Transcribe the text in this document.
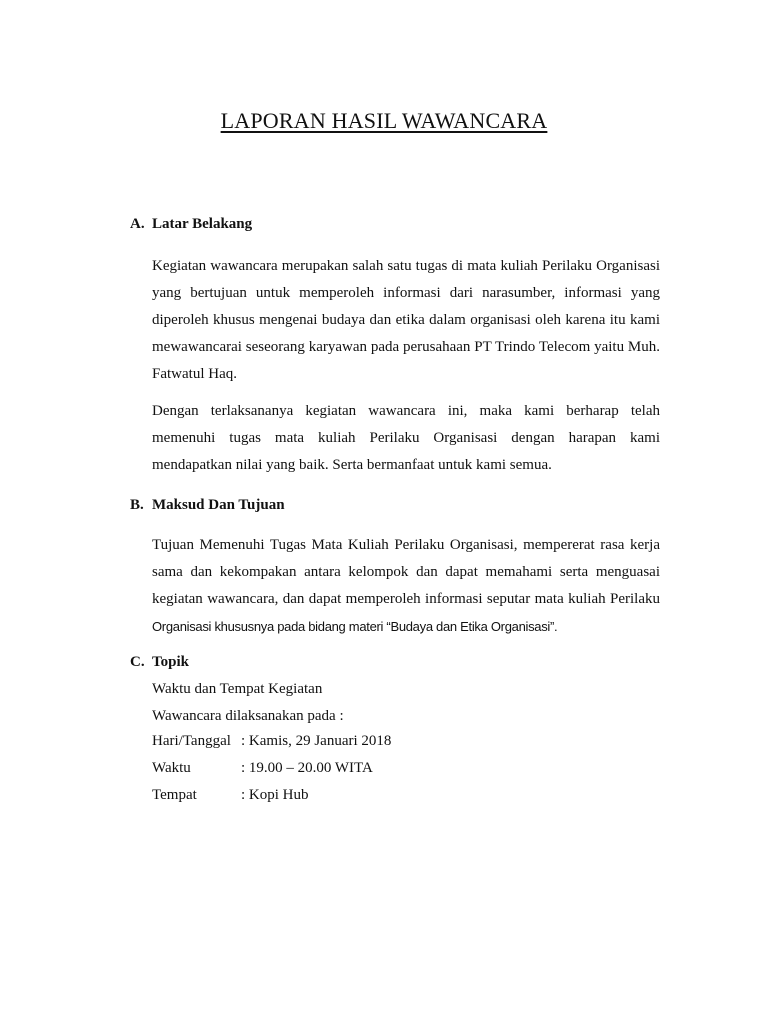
LAPORAN HASIL WAWANCARA
A. Latar Belakang

Kegiatan wawancara merupakan salah satu tugas di mata kuliah Perilaku Organisasi yang bertujuan untuk memperoleh informasi dari narasumber, informasi yang diperoleh khusus mengenai budaya dan etika dalam organisasi oleh karena itu kami mewawancarai seseorang karyawan pada perusahaan PT Trindo Telecom yaitu Muh. Fatwatul Haq.

Dengan terlaksananya kegiatan wawancara ini, maka kami berharap telah memenuhi tugas mata kuliah Perilaku Organisasi dengan harapan kami mendapatkan nilai yang baik. Serta bermanfaat untuk kami semua.

B. Maksud Dan Tujuan

Tujuan Memenuhi Tugas Mata Kuliah Perilaku Organisasi, mempererat rasa kerja sama dan kekompakan antara kelompok dan dapat memahami serta menguasai kegiatan wawancara, dan dapat memperoleh informasi seputar mata kuliah Perilaku Organisasi khususnya pada bidang materi “Budaya dan Etika Organisasi”.

C. Topik
Waktu dan Tempat Kegiatan
Wawancara dilaksanakan pada :
Hari/Tanggal : Kamis, 29 Januari 2018
Waktu	: 19.00 – 20.00 WITA
Tempat	: Kopi Hub
